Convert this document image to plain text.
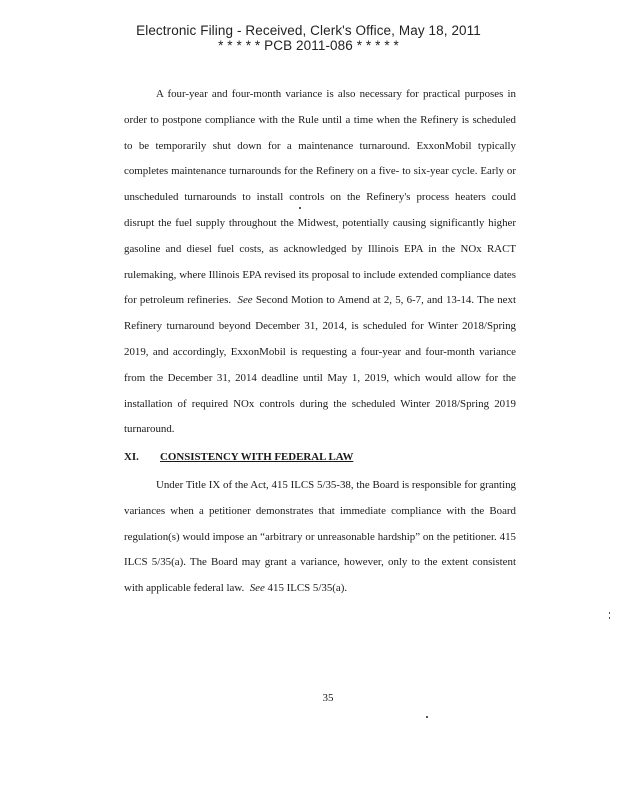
Electronic Filing - Received, Clerk's Office, May 18, 2011
* * * * * PCB 2011-086 * * * * *

A four-year and four-month variance is also necessary for practical purposes in order to postpone compliance with the Rule until a time when the Refinery is scheduled to be temporarily shut down for a maintenance turnaround. ExxonMobil typically completes maintenance turnarounds for the Refinery on a five- to six-year cycle. Early or unscheduled turnarounds to install controls on the Refinery's process heaters could disrupt the fuel supply throughout the Midwest, potentially causing significantly higher gasoline and diesel fuel costs, as acknowledged by Illinois EPA in the NOx RACT rulemaking, where Illinois EPA revised its proposal to include extended compliance dates for petroleum refineries. See Second Motion to Amend at 2, 5, 6-7, and 13-14. The next Refinery turnaround beyond December 31, 2014, is scheduled for Winter 2018/Spring 2019, and accordingly, ExxonMobil is requesting a four-year and four-month variance from the December 31, 2014 deadline until May 1, 2019, which would allow for the installation of required NOx controls during the scheduled Winter 2018/Spring 2019 turnaround.

XI. CONSISTENCY WITH FEDERAL LAW

Under Title IX of the Act, 415 ILCS 5/35-38, the Board is responsible for granting variances when a petitioner demonstrates that immediate compliance with the Board regulation(s) would impose an “arbitrary or unreasonable hardship” on the petitioner. 415 ILCS 5/35(a). The Board may grant a variance, however, only to the extent consistent with applicable federal law. See 415 ILCS 5/35(a).

35
